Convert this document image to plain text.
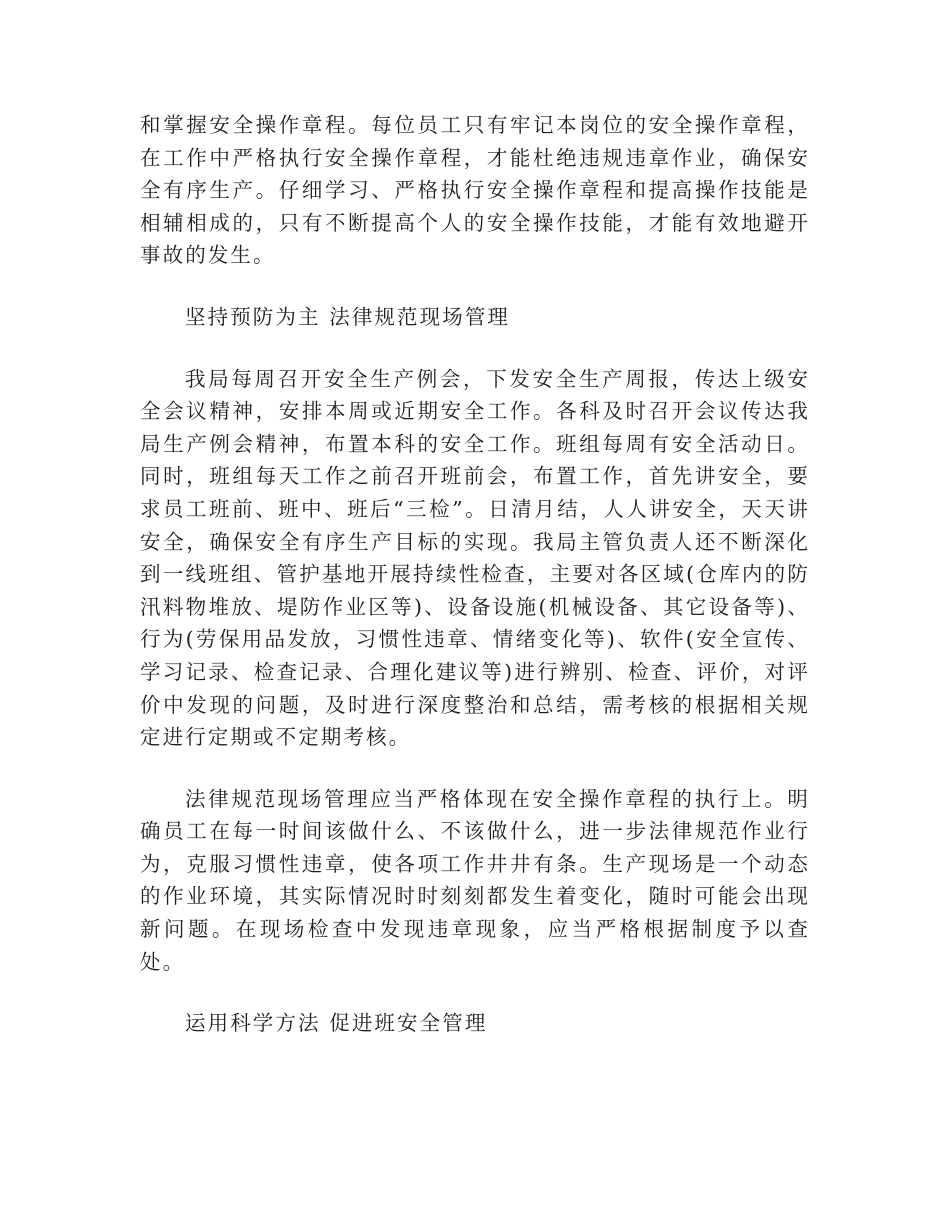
和掌握安全操作章程。每位员工只有牢记本岗位的安全操作章程，在工作中严格执行安全操作章程，才能杜绝违规违章作业，确保安全有序生产。仔细学习、严格执行安全操作章程和提高操作技能是相辅相成的，只有不断提高个人的安全操作技能，才能有效地避开事故的发生。

坚持预防为主 法律规范现场管理

我局每周召开安全生产例会，下发安全生产周报，传达上级安全会议精神，安排本周或近期安全工作。各科及时召开会议传达我局生产例会精神，布置本科的安全工作。班组每周有安全活动日。同时，班组每天工作之前召开班前会，布置工作，首先讲安全，要求员工班前、班中、班后“三检”。日清月结，人人讲安全，天天讲安全，确保安全有序生产目标的实现。我局主管负责人还不断深化到一线班组、管护基地开展持续性检查，主要对各区域(仓库内的防汛料物堆放、堤防作业区等)、设备设施(机械设备、其它设备等)、行为(劳保用品发放，习惯性违章、情绪变化等)、软件(安全宣传、学习记录、检查记录、合理化建议等)进行辨别、检查、评价，对评价中发现的问题，及时进行深度整治和总结，需考核的根据相关规定进行定期或不定期考核。

法律规范现场管理应当严格体现在安全操作章程的执行上。明确员工在每一时间该做什么、不该做什么，进一步法律规范作业行为，克服习惯性违章，使各项工作井井有条。生产现场是一个动态的作业环境，其实际情况时时刻刻都发生着变化，随时可能会出现新问题。在现场检查中发现违章现象，应当严格根据制度予以查处。

运用科学方法 促进班安全管理
